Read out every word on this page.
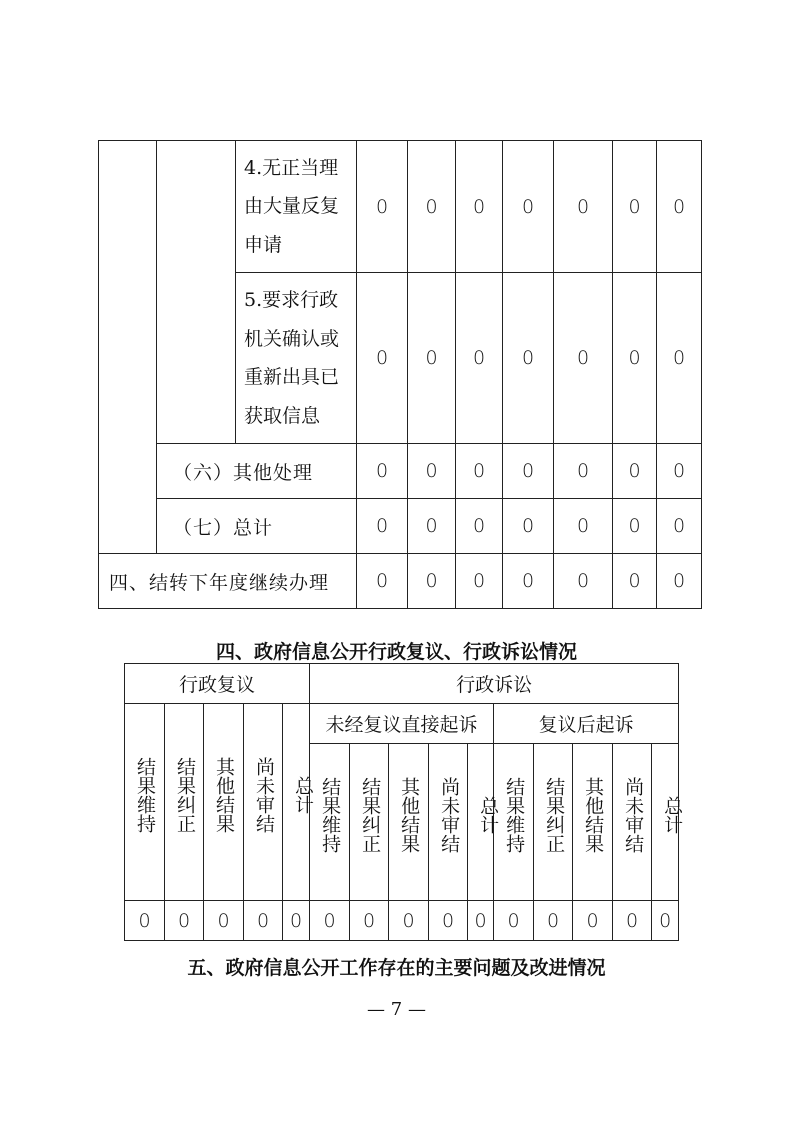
		4.无正当理
由大量反复
申请	0	0	0	0	0	0	0

		5.要求行政
机关确认或
重新出具已
获取信息	0	0	0	0	0	0	0
	（六）其他处理		0	0	0	0	0	0	0
	（七）总计		0	0	0	0	0	0	0
四、结转下年度继续办理			0	0	0	0	0	0	0
四、政府信息公开行政复议、行政诉讼情况
行政复议					行政诉讼									
结果维持	结果纠正	其他结果	尚未审结	总计	未经复议直接起诉					复议后起诉				
					结果维持	结果纠正	其他结果	尚未审结	总计	结果维持	结果纠正	其他结果	尚未审结	总计
0	0	0	0	0	0	0	0	0	0	0	0	0	0	0
五、政府信息公开工作存在的主要问题及改进情况
— 7 —
